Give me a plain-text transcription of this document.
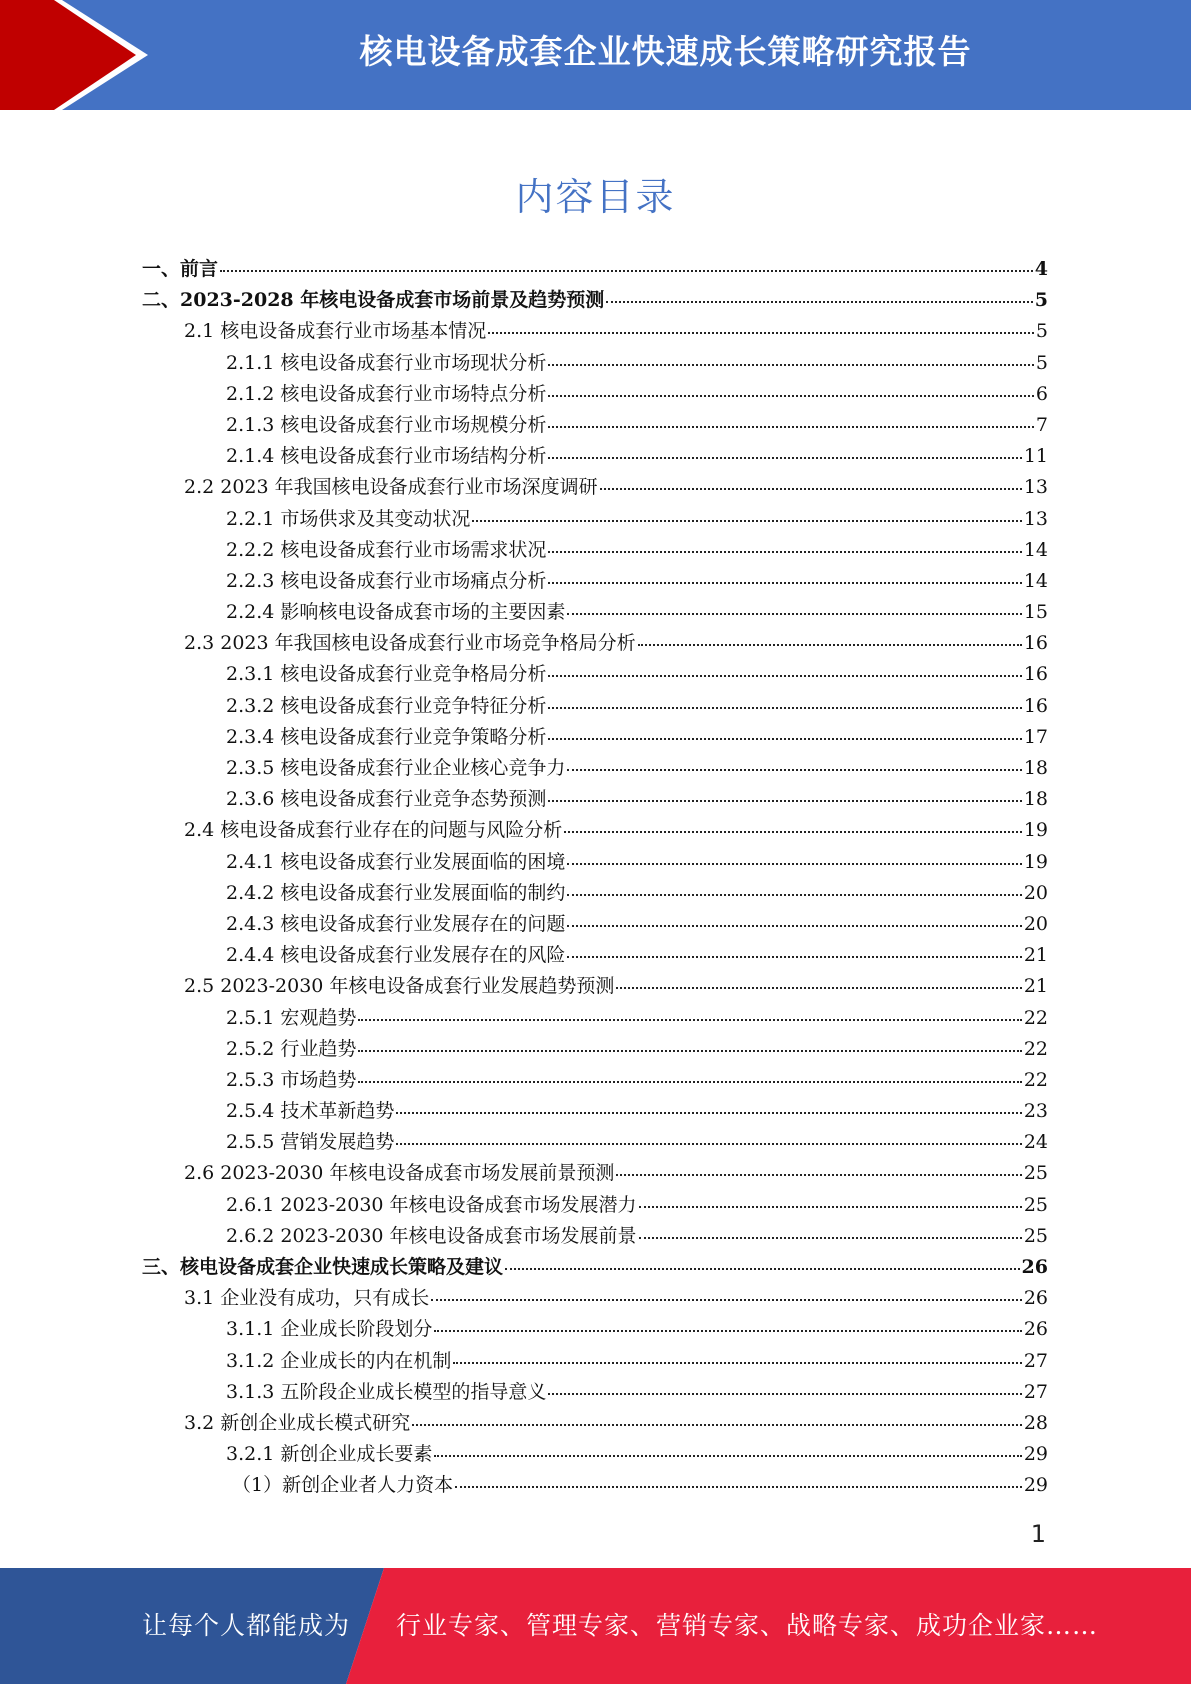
核电设备成套企业快速成长策略研究报告
内容目录
一、前言	4
二、2023-2028 年核电设备成套市场前景及趋势预测	5
2.1 核电设备成套行业市场基本情况	5
2.1.1 核电设备成套行业市场现状分析	5
2.1.2 核电设备成套行业市场特点分析	6
2.1.3 核电设备成套行业市场规模分析	7
2.1.4 核电设备成套行业市场结构分析	11
2.2 2023 年我国核电设备成套行业市场深度调研	13
2.2.1 市场供求及其变动状况	13
2.2.2 核电设备成套行业市场需求状况	14
2.2.3 核电设备成套行业市场痛点分析	14
2.2.4 影响核电设备成套市场的主要因素	15
2.3 2023 年我国核电设备成套行业市场竞争格局分析	16
2.3.1 核电设备成套行业竞争格局分析	16
2.3.2 核电设备成套行业竞争特征分析	16
2.3.4 核电设备成套行业竞争策略分析	17
2.3.5 核电设备成套行业企业核心竞争力	18
2.3.6 核电设备成套行业竞争态势预测	18
2.4 核电设备成套行业存在的问题与风险分析	19
2.4.1 核电设备成套行业发展面临的困境	19
2.4.2 核电设备成套行业发展面临的制约	20
2.4.3 核电设备成套行业发展存在的问题	20
2.4.4 核电设备成套行业发展存在的风险	21
2.5 2023-2030 年核电设备成套行业发展趋势预测	21
2.5.1 宏观趋势	22
2.5.2 行业趋势	22
2.5.3 市场趋势	22
2.5.4 技术革新趋势	23
2.5.5 营销发展趋势	24
2.6 2023-2030 年核电设备成套市场发展前景预测	25
2.6.1 2023-2030 年核电设备成套市场发展潜力	25
2.6.2 2023-2030 年核电设备成套市场发展前景	25
三、核电设备成套企业快速成长策略及建议	26
3.1 企业没有成功，只有成长	26
3.1.1 企业成长阶段划分	26
3.1.2 企业成长的内在机制	27
3.1.3 五阶段企业成长模型的指导意义	27
3.2 新创企业成长模式研究	28
3.2.1 新创企业成长要素	29
（1）新创企业者人力资本	29
1
让每个人都能成为 行业专家、管理专家、营销专家、战略专家、成功企业家……
